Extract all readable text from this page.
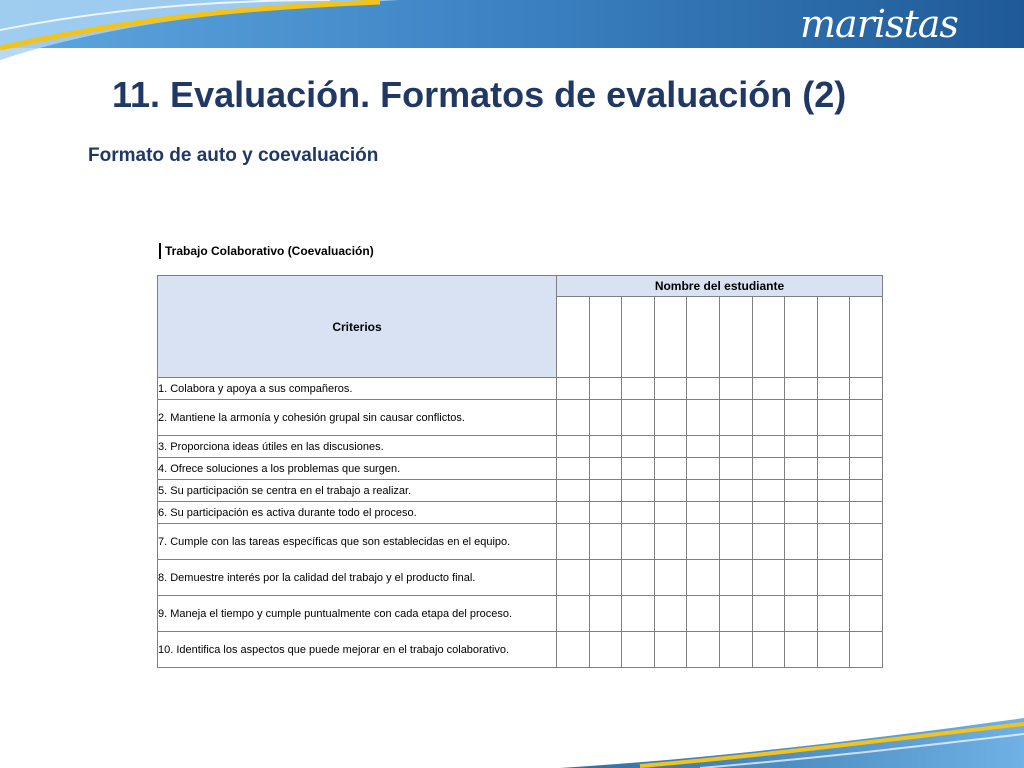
maristas
11. Evaluación. Formatos de evaluación (2)
Formato de auto y coevaluación
Trabajo Colaborativo (Coevaluación)
Criterios	Nombre del estudiante									

1. Colabora y apoya a sus compañeros.										
2. Mantiene la armonía y cohesión grupal sin causar conflictos.										
3. Proporciona ideas útiles en las discusiones.										
4. Ofrece soluciones a los problemas que surgen.										
5. Su participación se centra en el trabajo a realizar.										
6. Su participación es activa durante todo el proceso.										
7. Cumple con las tareas específicas que son establecidas en el equipo.										
8. Demuestre interés por la calidad del trabajo y el producto final.										
9. Maneja el tiempo y cumple puntualmente con cada etapa del proceso.										
10. Identifica los aspectos que puede mejorar en el trabajo colaborativo.										
